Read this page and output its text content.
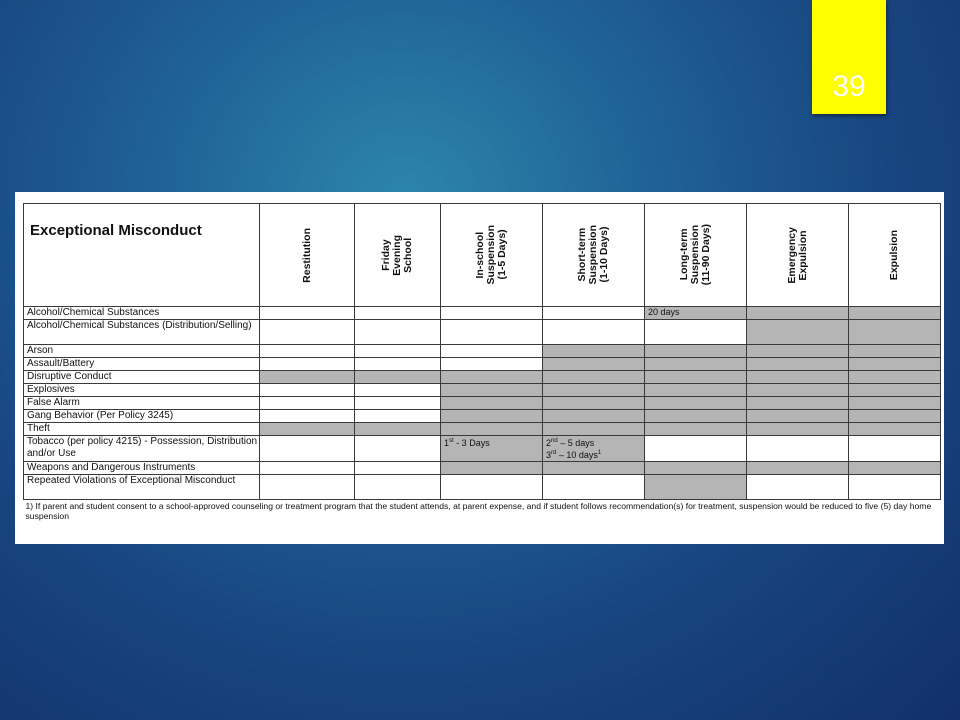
39
Exceptional Misconduct	Restitution	Friday
Evening
School	In-school
Suspension
(1-5 Days)	Short-term
Suspension
(1-10 Days)	Long-term
Suspension
(11-90 Days)	Emergency
Expulsion	Expulsion

Alcohol/Chemical Substances					20 days		
Alcohol/Chemical Substances (Distribution/Selling)							
Arson							
Assault/Battery							
Disruptive Conduct							
Explosives							
False Alarm							
Gang Behavior (Per Policy 3245)							
Theft							
Tobacco (per policy 4215) - Possession, Distribution and/or Use			1st - 3 Days	2nd – 5 days
3rd – 10 days$^1$

Weapons and Dangerous Instruments							
Repeated Violations of Exceptional Misconduct							
1) If parent and student consent to a school-approved counseling or treatment program that the student attends, at parent expense, and if student follows recommendation(s) for treatment, suspension would be reduced to five (5) day home suspension							
